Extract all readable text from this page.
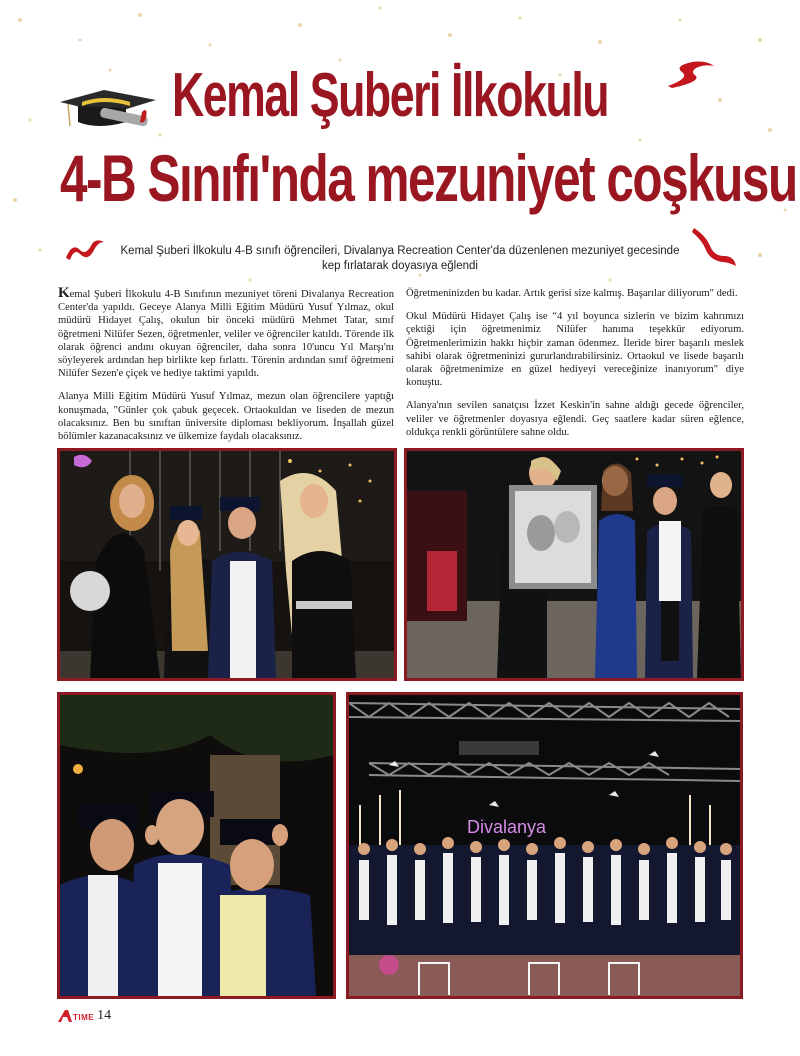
Kemal Şuberi İlkokulu
4-B Sınıfı'nda mezuniyet coşkusu
Kemal Şuberi İlkokulu 4-B sınıfı öğrencileri, Divalanya Recreation Center'da düzenlenen mezuniyet gecesinde
kep fırlatarak doyasıya eğlendi

Kemal Şuberi İlkokulu 4-B Sınıfının mezuniyet töreni Divalanya Recreation Center'da yapıldı. Geceye Alanya Milli Eğitim Müdürü Yusuf Yılmaz, okul müdürü Hidayet Çalış, okulun bir önceki müdürü Mehmet Tatar, sınıf öğretmeni Nilüfer Sezen, öğretmenler, veliler ve öğrenciler katıldı. Törende ilk olarak öğrenci andını okuyan öğrenciler, daha sonra 10'uncu Yıl Marşı'nı söyleyerek ardından hep birlikte kep fırlattı. Törenin ardından sınıf öğretmeni Nilüfer Sezen'e çiçek ve hediye taktimi yapıldı.

Alanya Milli Eğitim Müdürü Yusuf Yılmaz, mezun olan öğrencilere yaptığı konuşmada, "Günler çok çabuk geçecek. Ortaokuldan ve liseden de mezun olacaksınız. Ben bu sınıftan üniversite diploması bekliyorum. İnşallah güzel bölümler kazanacaksınız ve ülkemize faydalı olacaksınız.

Öğretmeninizden bu kadar. Artık gerisi size kalmış. Başarılar diliyorum" dedi.

Okul Müdürü Hidayet Çalış ise “4 yıl boyunca sizlerin ve bizim kahrımızı çektiği için öğretmenimiz Nilüfer hanıma teşekkür ediyorum. Öğretmenlerimizin hakkı hiçbir zaman ödenmez. İleride birer başarılı meslek sahibi olarak öğretmeninizi gururlandırabilirsiniz. Ortaokul ve lisede başarılı olarak öğretmenimize en güzel hediyeyi vereceğinize inanıyorum" diye konuştu.

Alanya'nın sevilen sanatçısı İzzet Keskin'in sahne aldığı gecede öğrenciler, veliler ve öğretmenler doyasıya eğlendi. Geç saatlere kadar süren eğlence, oldukça renkli görüntülere sahne oldu.

Divalanya
TIME 14
